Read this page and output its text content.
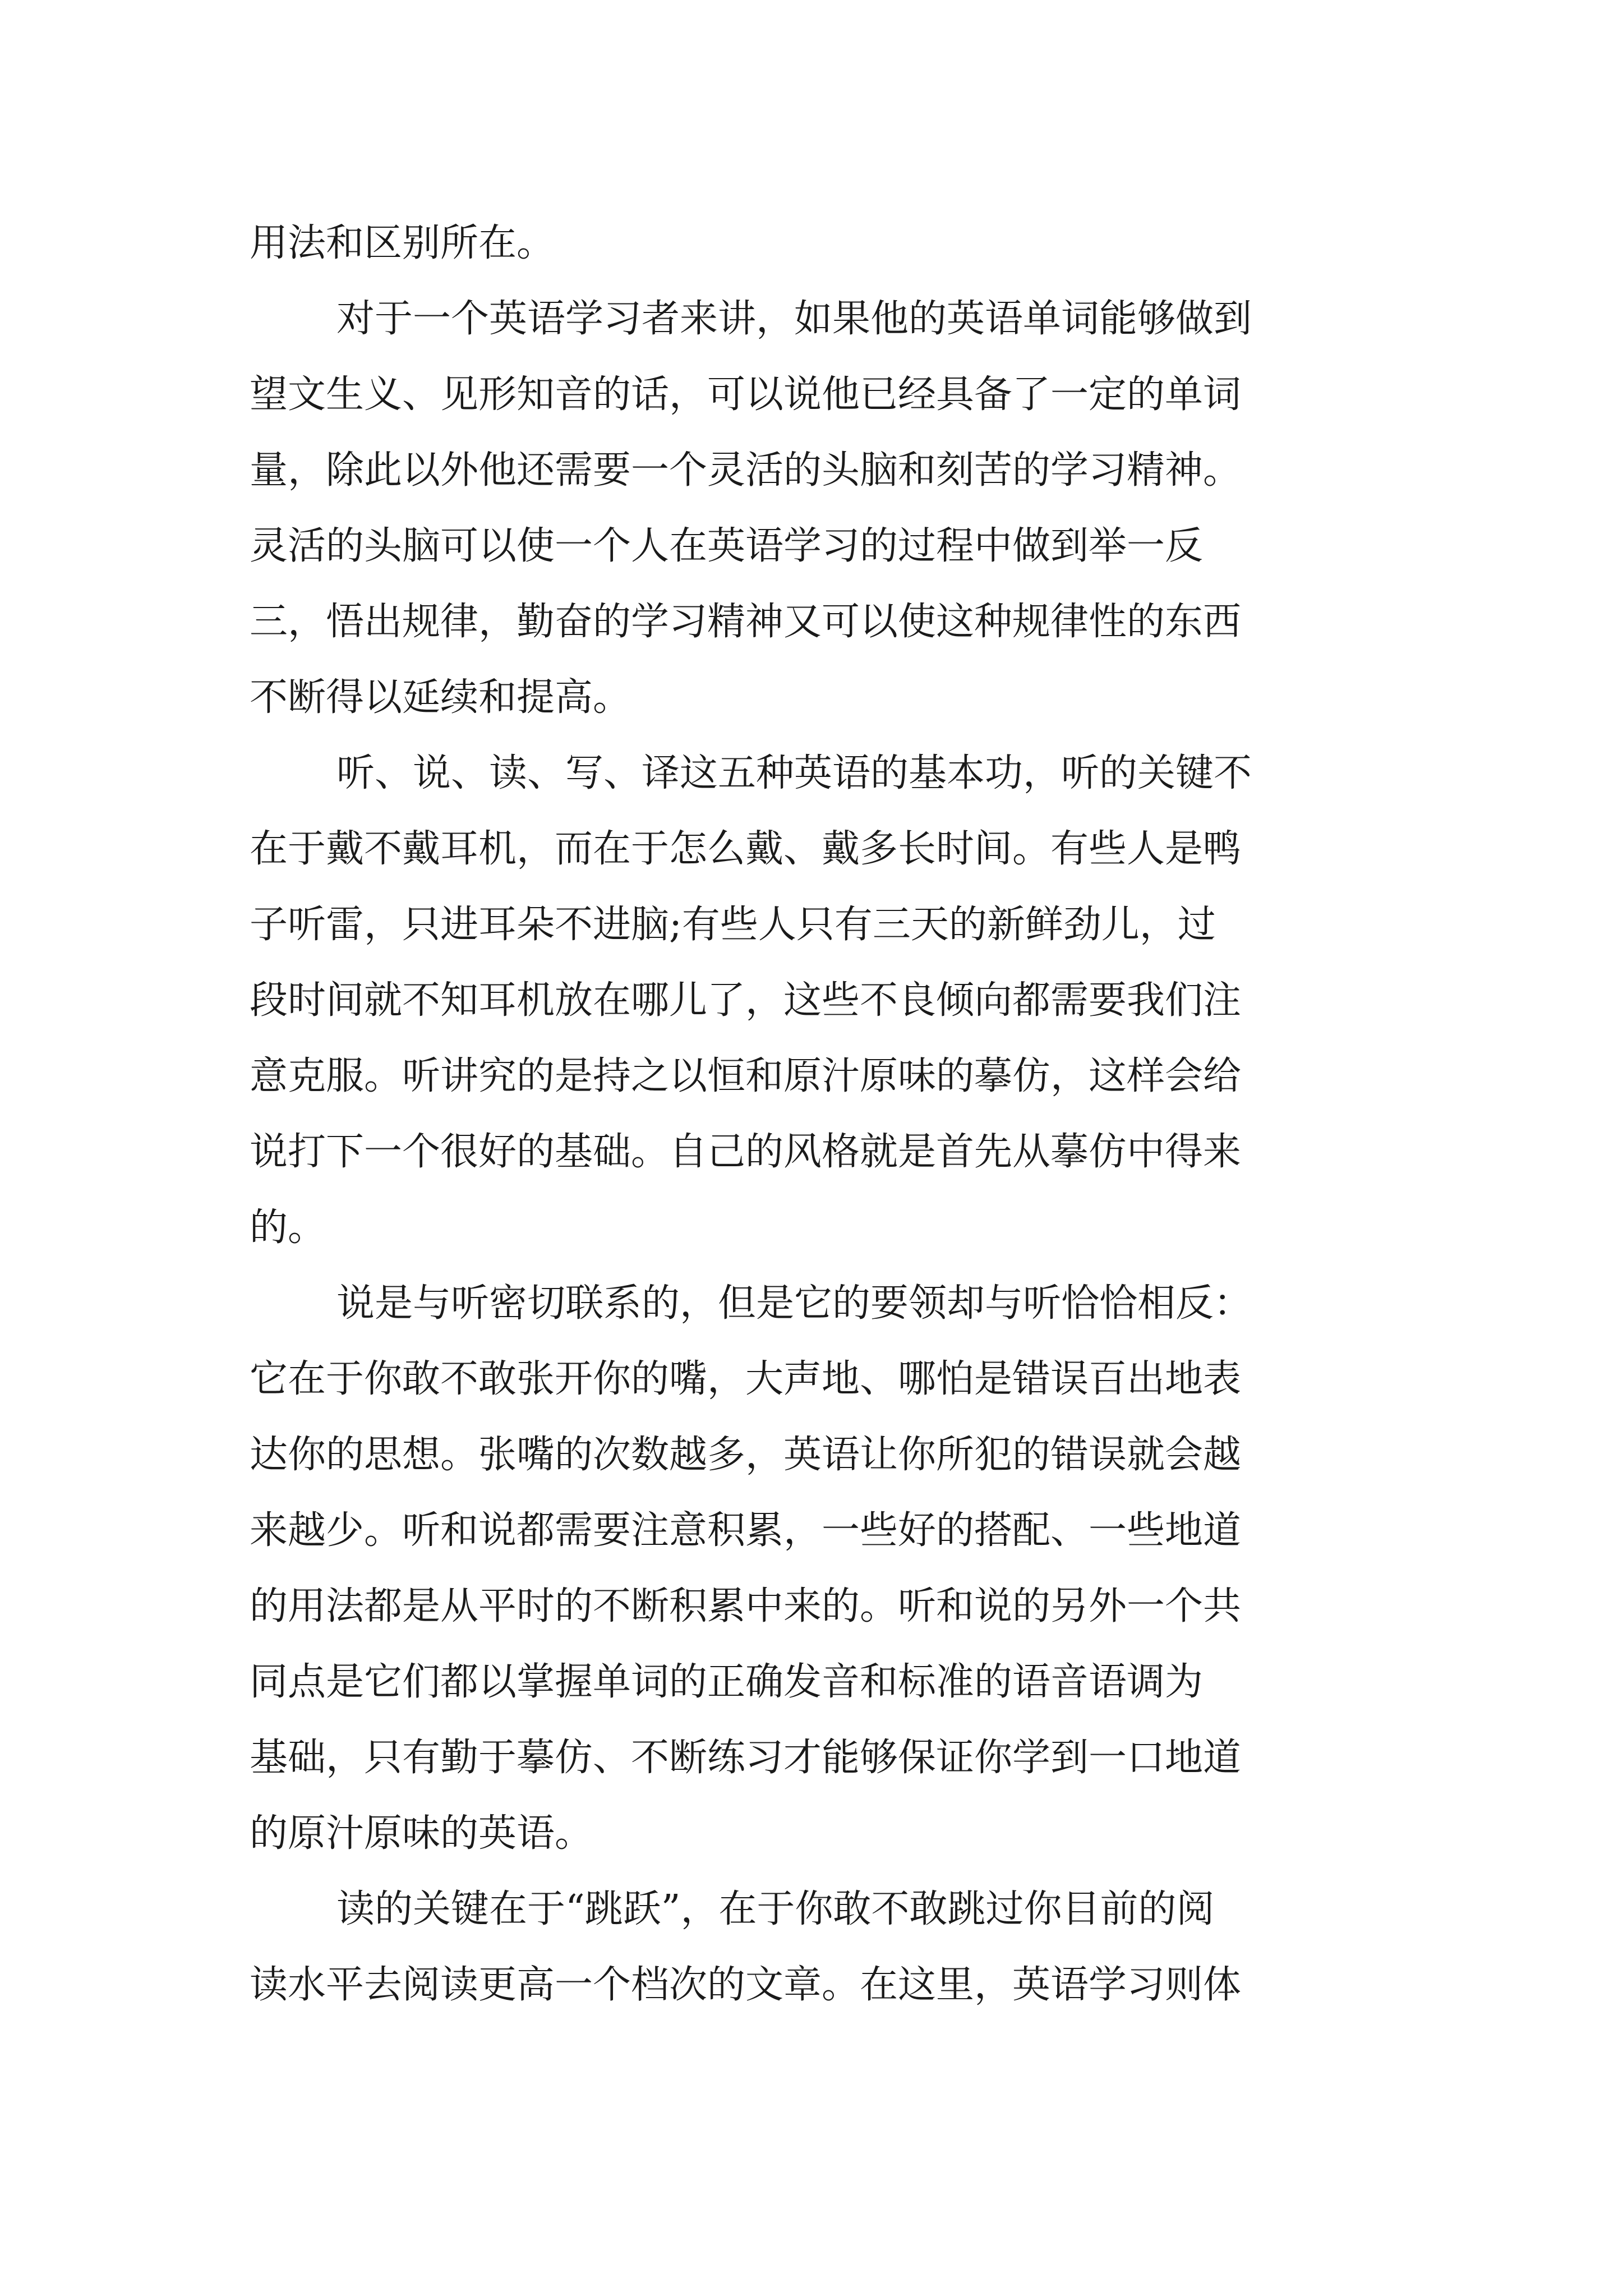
用法和区别所在。

对于一个英语学习者来讲，如果他的英语单词能够做到

望文生义、见形知音的话，可以说他已经具备了一定的单词

量，除此以外他还需要一个灵活的头脑和刻苦的学习精神。

灵活的头脑可以使一个人在英语学习的过程中做到举一反

三，悟出规律，勤奋的学习精神又可以使这种规律性的东西

不断得以延续和提高。

听、说、读、写、译这五种英语的基本功，听的关键不

在于戴不戴耳机，而在于怎么戴、戴多长时间。有些人是鸭

子听雷，只进耳朵不进脑;有些人只有三天的新鲜劲儿，过

段时间就不知耳机放在哪儿了，这些不良倾向都需要我们注

意克服。听讲究的是持之以恒和原汁原味的摹仿，这样会给

说打下一个很好的基础。自己的风格就是首先从摹仿中得来

的。

说是与听密切联系的，但是它的要领却与听恰恰相反：

它在于你敢不敢张开你的嘴，大声地、哪怕是错误百出地表

达你的思想。张嘴的次数越多，英语让你所犯的错误就会越

来越少。听和说都需要注意积累，一些好的搭配、一些地道

的用法都是从平时的不断积累中来的。听和说的另外一个共

同点是它们都以掌握单词的正确发音和标准的语音语调为

基础，只有勤于摹仿、不断练习才能够保证你学到一口地道

的原汁原味的英语。

读的关键在于“跳跃”，在于你敢不敢跳过你目前的阅

读水平去阅读更高一个档次的文章。在这里，英语学习则体
